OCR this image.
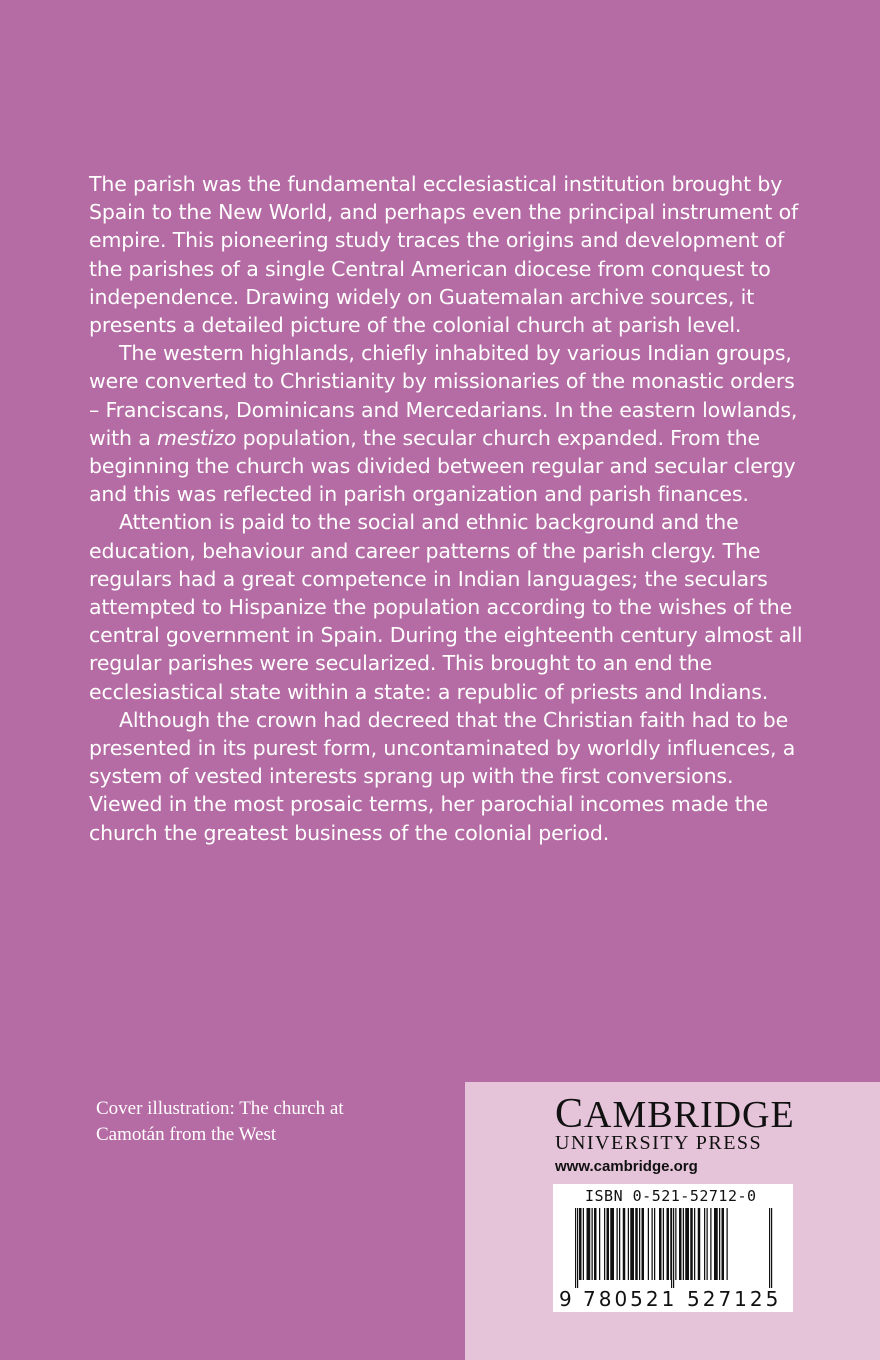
The parish was the fundamental ecclesiastical institution brought by Spain to the New World, and perhaps even the principal instrument of empire. This pioneering study traces the origins and development of the parishes of a single Central American diocese from conquest to independence. Drawing widely on Guatemalan archive sources, it presents a detailed picture of the colonial church at parish level.

The western highlands, chiefly inhabited by various Indian groups, were converted to Christianity by missionaries of the monastic orders – Franciscans, Dominicans and Mercedarians. In the eastern lowlands, with a mestizo population, the secular church expanded. From the beginning the church was divided between regular and secular clergy and this was reflected in parish organization and parish finances.

Attention is paid to the social and ethnic background and the education, behaviour and career patterns of the parish clergy. The regulars had a great competence in Indian languages; the seculars attempted to Hispanize the population according to the wishes of the central government in Spain. During the eighteenth century almost all regular parishes were secularized. This brought to an end the ecclesiastical state within a state: a republic of priests and Indians.

Although the crown had decreed that the Christian faith had to be presented in its purest form, uncontaminated by worldly influences, a system of vested interests sprang up with the first conversions. Viewed in the most prosaic terms, her parochial incomes made the church the greatest business of the colonial period.

Cover illustration: The church at
Camotán from the West	CAMBRIDGE
UNIVERSITY PRESS
www.cambridge.org
ISBN 0-521-52712-0
9 780521 527125
